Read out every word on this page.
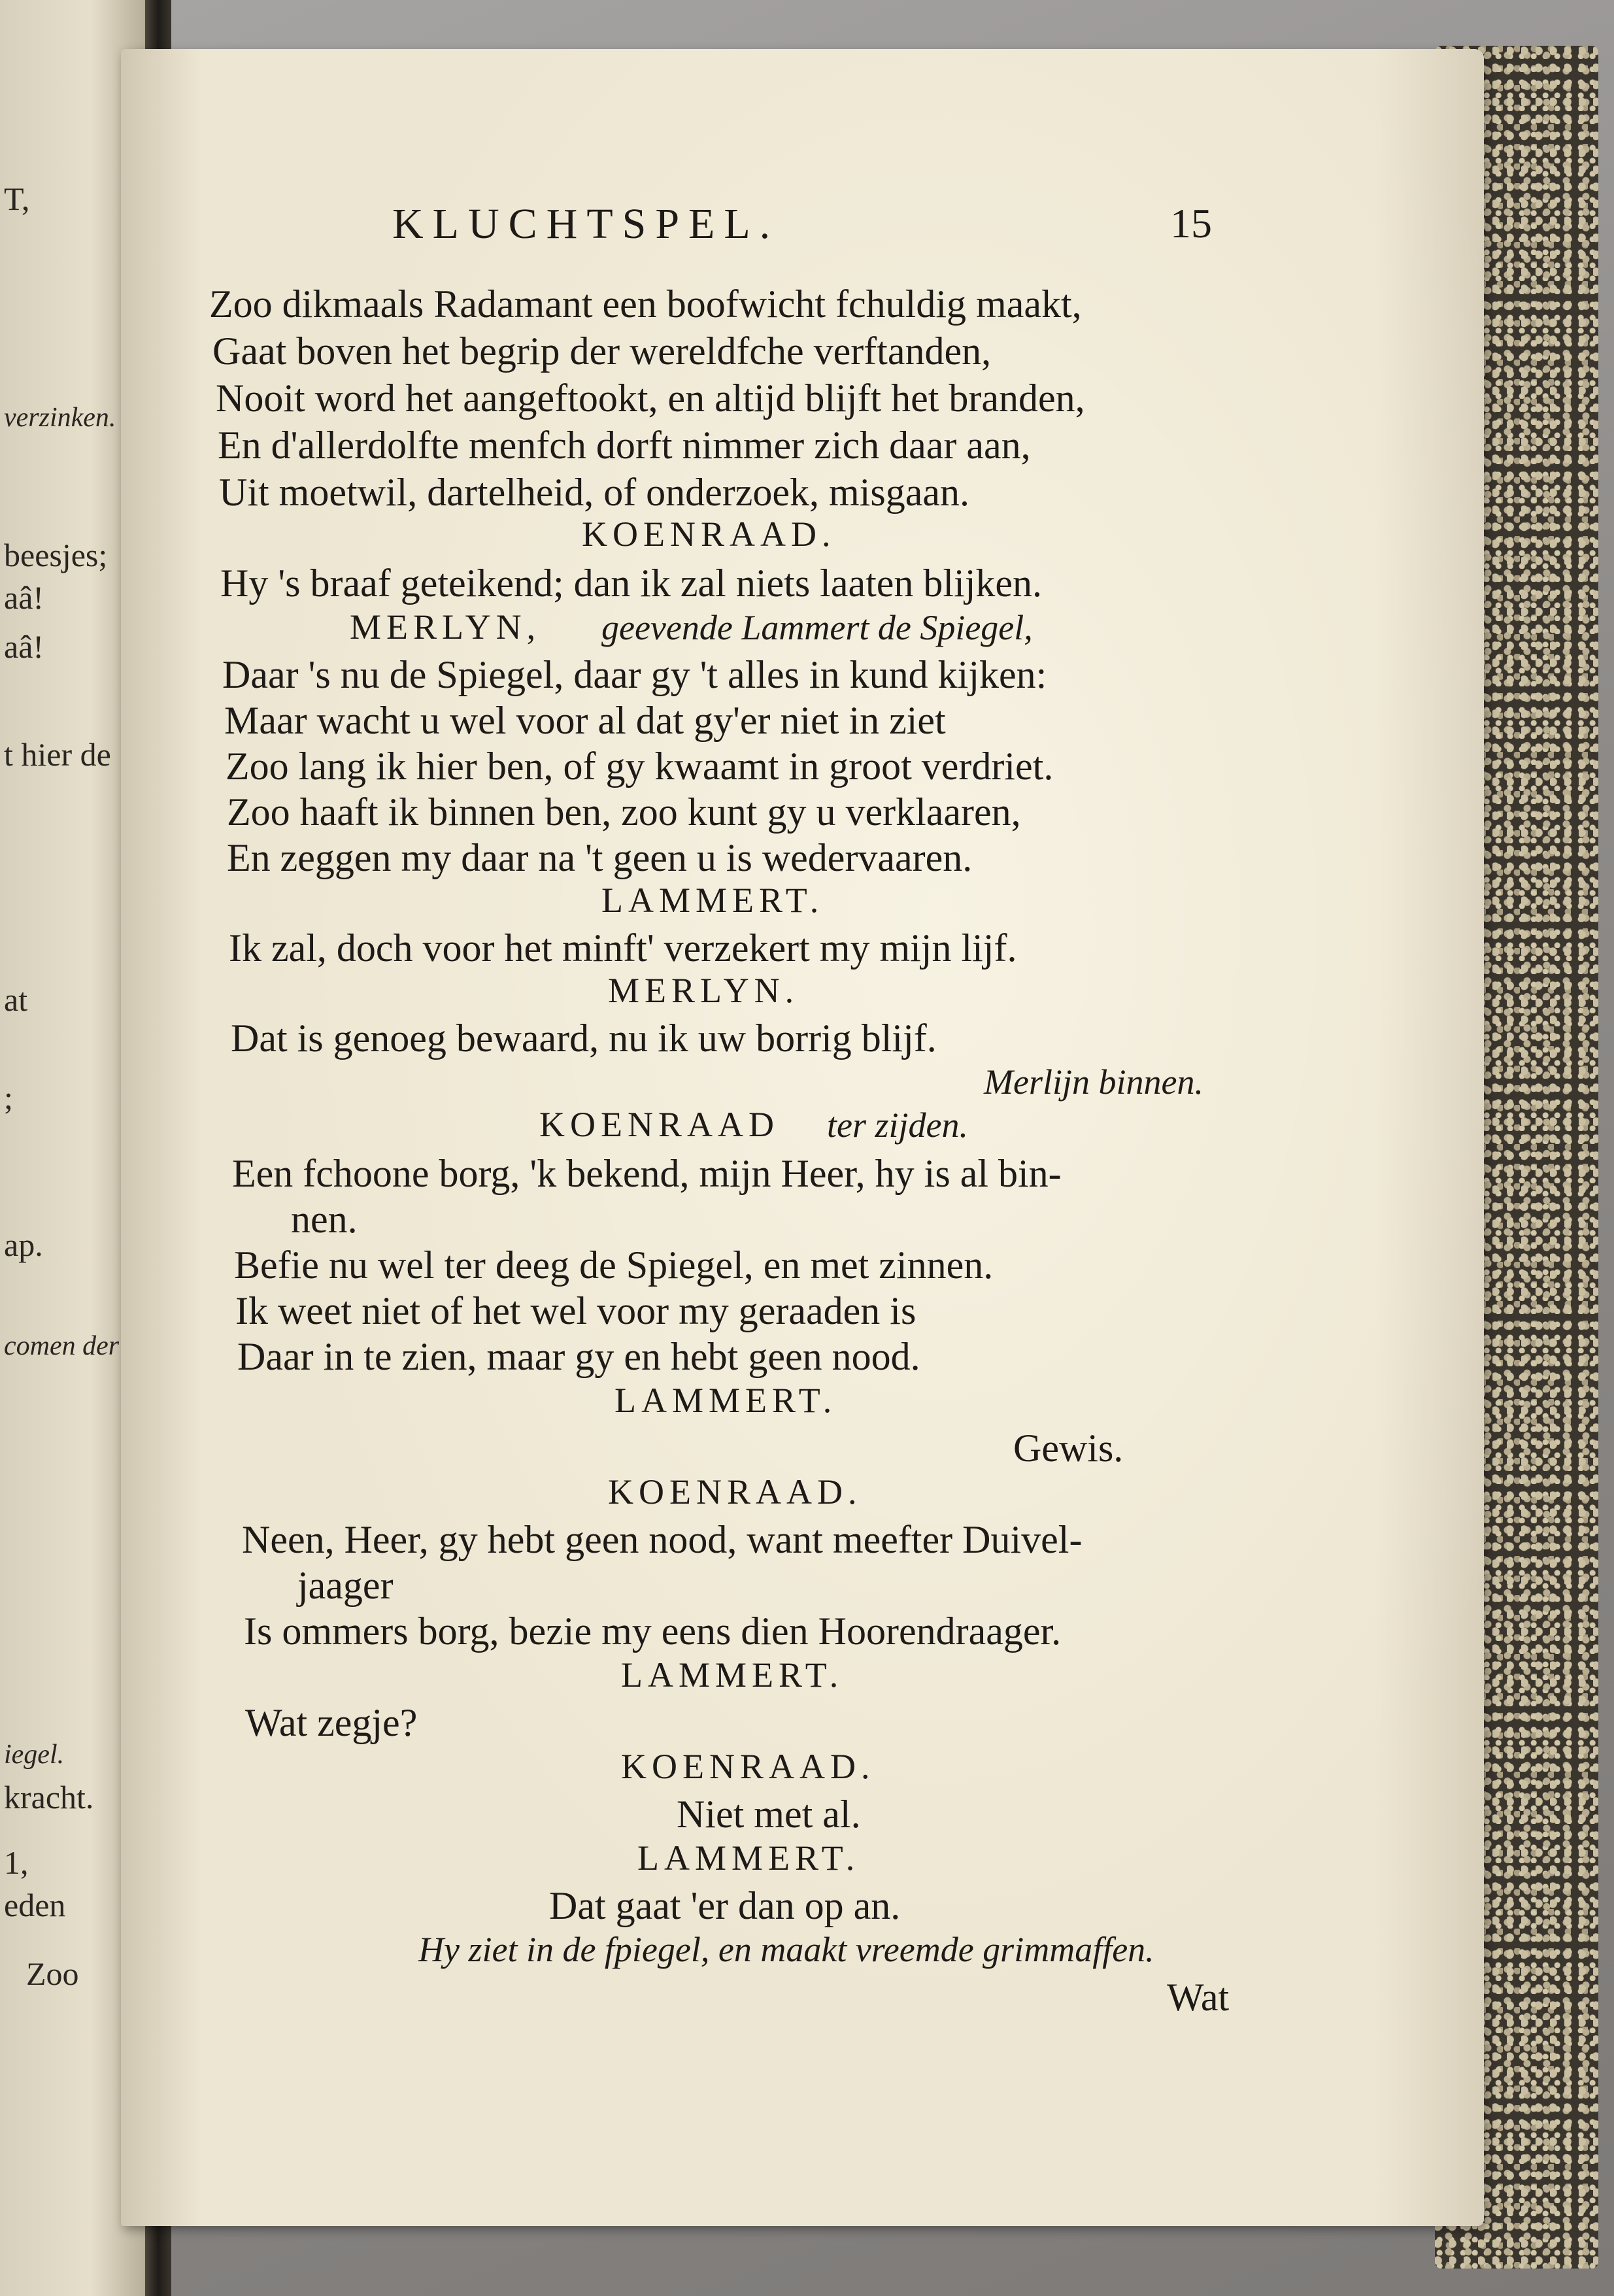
T,
verzinken.
beesjes;
aâ!
aâ!
t hier de
at
;
ap.
comen der
iegel.
kracht.
1,
eden
Zoo
KLUCHTSPEL.	15
Zoo dikmaals Radamant een boofwicht fchuldig maakt,
Gaat boven het begrip der wereldfche verftanden,
Nooit word het aangeftookt, en altijd blijft het branden,
En d'allerdolfte menfch dorft nimmer zich daar aan,
Uit moetwil, dartelheid, of onderzoek, misgaan.
KOENRAAD.
Hy 's braaf geteikend; dan ik zal niets laaten blijken.
MERLYN, geevende Lammert de Spiegel,
Daar 's nu de Spiegel, daar gy 't alles in kund kijken:
Maar wacht u wel voor al dat gy'er niet in ziet
Zoo lang ik hier ben, of gy kwaamt in groot verdriet.
Zoo haaft ik binnen ben, zoo kunt gy u verklaaren,
En zeggen my daar na 't geen u is wedervaaren.
LAMMERT.
Ik zal, doch voor het minft' verzekert my mijn lijf.
MERLYN.
Dat is genoeg bewaard, nu ik uw borrig blijf.
Merlijn binnen.
KOENRAAD ter zijden.
Een fchoone borg, 'k bekend, mijn Heer, hy is al bin-
nen.
Befie nu wel ter deeg de Spiegel, en met zinnen.
Ik weet niet of het wel voor my geraaden is
Daar in te zien, maar gy en hebt geen nood.
LAMMERT.
Gewis.
KOENRAAD.
Neen, Heer, gy hebt geen nood, want meefter Duivel-
jaager
Is ommers borg, bezie my eens dien Hoorendraager.
LAMMERT.
Wat zegje?
KOENRAAD.
Niet met al.
LAMMERT.
Dat gaat 'er dan op an.
Hy ziet in de fpiegel, en maakt vreemde grimmaffen.
Wat
